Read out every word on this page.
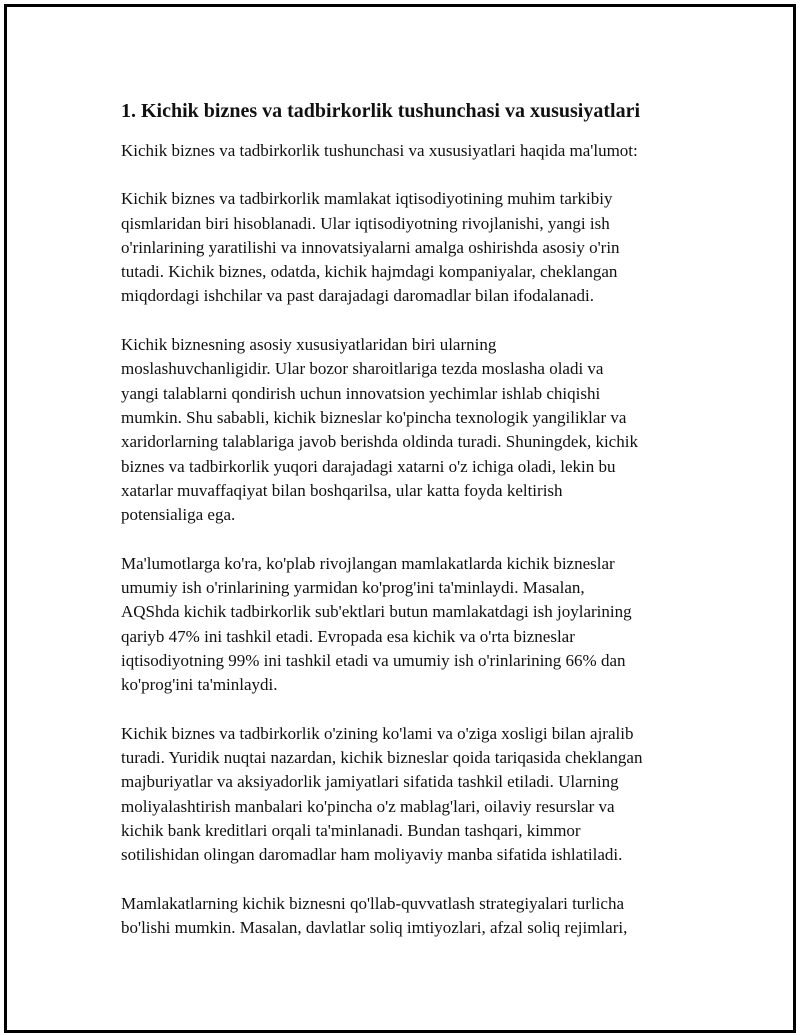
1. Kichik biznes va tadbirkorlik tushunchasi va xususiyatlari

Kichik biznes va tadbirkorlik tushunchasi va xususiyatlari haqida ma'lumot:

Kichik biznes va tadbirkorlik mamlakat iqtisodiyotining muhim tarkibiy
qismlaridan biri hisoblanadi. Ular iqtisodiyotning rivojlanishi, yangi ish
o'rinlarining yaratilishi va innovatsiyalarni amalga oshirishda asosiy o'rin
tutadi. Kichik biznes, odatda, kichik hajmdagi kompaniyalar, cheklangan
miqdordagi ishchilar va past darajadagi daromadlar bilan ifodalanadi.
Kichik biznesning asosiy xususiyatlaridan biri ularning
moslashuvchanligidir. Ular bozor sharoitlariga tezda moslasha oladi va
yangi talablarni qondirish uchun innovatsion yechimlar ishlab chiqishi
mumkin. Shu sababli, kichik bizneslar ko'pincha texnologik yangiliklar va
xaridorlarning talablariga javob berishda oldinda turadi. Shuningdek, kichik
biznes va tadbirkorlik yuqori darajadagi xatarni o'z ichiga oladi, lekin bu
xatarlar muvaffaqiyat bilan boshqarilsa, ular katta foyda keltirish
potensialiga ega.
Ma'lumotlarga ko'ra, ko'plab rivojlangan mamlakatlarda kichik bizneslar
umumiy ish o'rinlarining yarmidan ko'prog'ini ta'minlaydi. Masalan,
AQShda kichik tadbirkorlik sub'ektlari butun mamlakatdagi ish joylarining
qariyb 47% ini tashkil etadi. Evropada esa kichik va o'rta bizneslar
iqtisodiyotning 99% ini tashkil etadi va umumiy ish o'rinlarining 66% dan
ko'prog'ini ta'minlaydi.
Kichik biznes va tadbirkorlik o'zining ko'lami va o'ziga xosligi bilan ajralib
turadi. Yuridik nuqtai nazardan, kichik bizneslar qoida tariqasida cheklangan
majburiyatlar va aksiyadorlik jamiyatlari sifatida tashkil etiladi. Ularning
moliyalashtirish manbalari ko'pincha o'z mablag'lari, oilaviy resurslar va
kichik bank kreditlari orqali ta'minlanadi. Bundan tashqari, kimmor
sotilishidan olingan daromadlar ham moliyaviy manba sifatida ishlatiladi.
Mamlakatlarning kichik biznesni qo'llab-quvvatlash strategiyalari turlicha
bo'lishi mumkin. Masalan, davlatlar soliq imtiyozlari, afzal soliq rejimlari,
